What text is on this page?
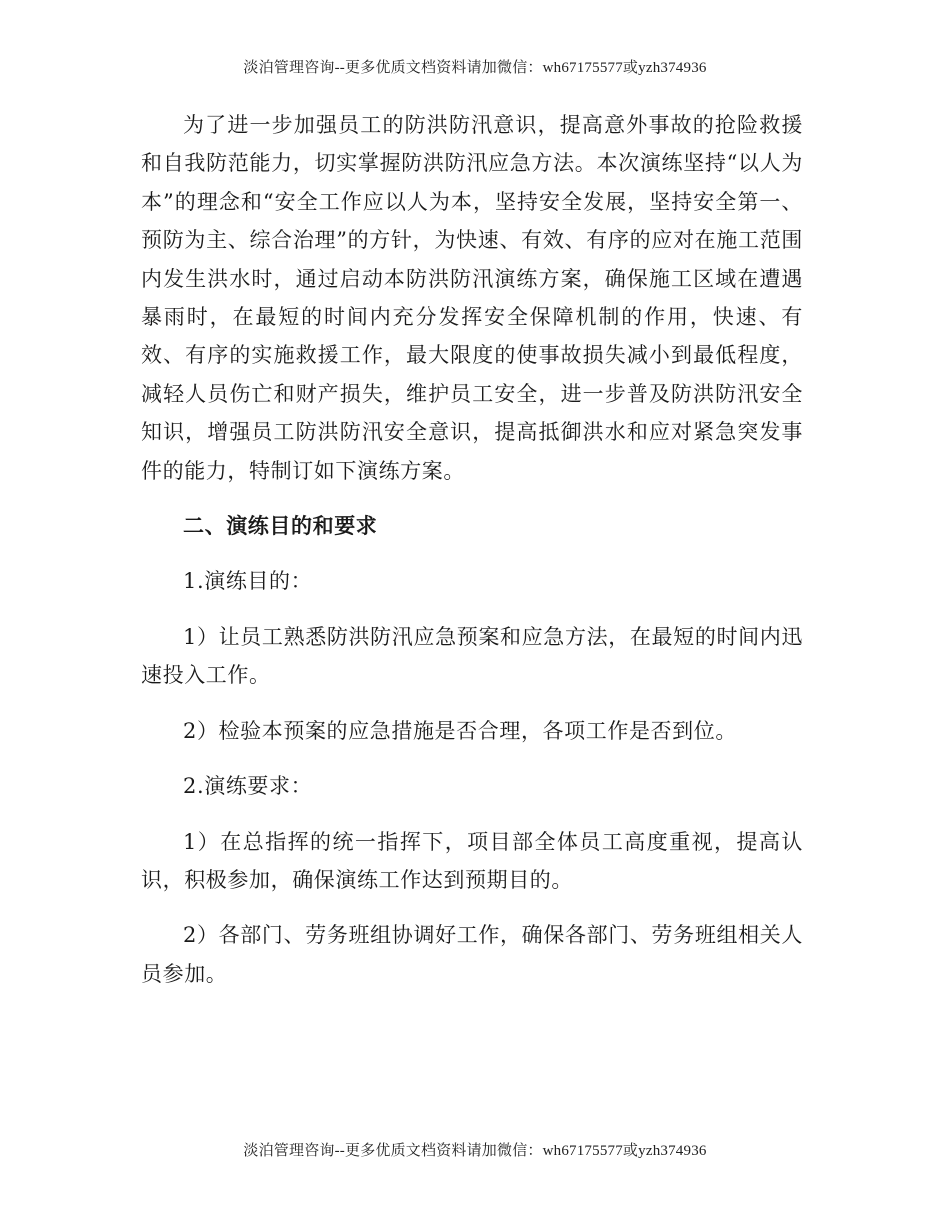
淡泊管理咨询--更多优质文档资料请加微信：wh67175577或yzh374936

为了进一步加强员工的防洪防汛意识，提高意外事故的抢险救援和自我防范能力，切实掌握防洪防汛应急方法。本次演练坚持“以人为本”的理念和“安全工作应以人为本，坚持安全发展，坚持安全第一、预防为主、综合治理”的方针，为快速、有效、有序的应对在施工范围内发生洪水时，通过启动本防洪防汛演练方案，确保施工区域在遭遇暴雨时，在最短的时间内充分发挥安全保障机制的作用，快速、有效、有序的实施救援工作，最大限度的使事故损失减小到最低程度，减轻人员伤亡和财产损失，维护员工安全，进一步普及防洪防汛安全知识，增强员工防洪防汛安全意识，提高抵御洪水和应对紧急突发事件的能力，特制订如下演练方案。

二、演练目的和要求

1.演练目的：

1）让员工熟悉防洪防汛应急预案和应急方法，在最短的时间内迅速投入工作。

2）检验本预案的应急措施是否合理，各项工作是否到位。

2.演练要求：

1）在总指挥的统一指挥下，项目部全体员工高度重视，提高认识，积极参加，确保演练工作达到预期目的。

2）各部门、劳务班组协调好工作，确保各部门、劳务班组相关人员参加。

淡泊管理咨询--更多优质文档资料请加微信：wh67175577或yzh374936
